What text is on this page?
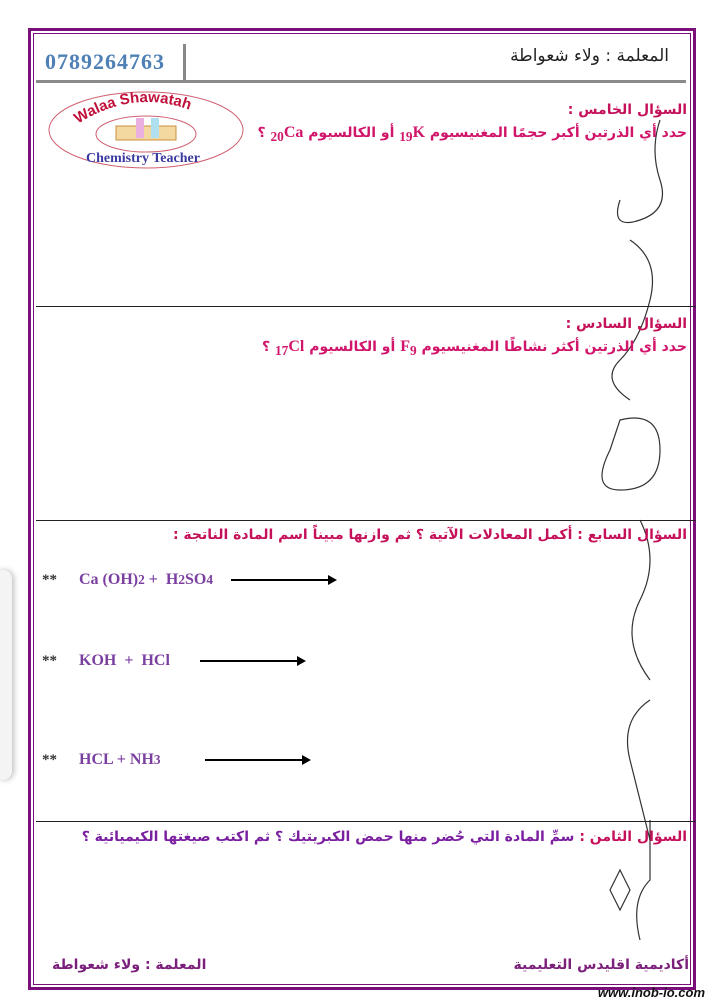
0789264763	المعلمة : ولاء شعواطة
Walaa Shawatah
Chemistry Teacher
السؤال الخامس :
حدد أي الذرتين أكبر حجمًا المغنيسيوم $_{19}$K أو الكالسيوم $_{20}$Ca ؟
السؤال السادس :
حدد أي الذرتين أكثر نشاطًا المغنيسيوم $F_9$ أو الكالسيوم $_{17}$Cl ؟
السؤال السابع : أكمل المعادلات الآتية ؟ ثم وازنها مبيناً اسم المادة الناتجة :
** Ca (OH) 2 +
H 2 SO 4
** KOH  +  HCl
** HCL + NH 3
السؤال الثامن : سمِّ المادة التي حُضر منها حمض الكبريتيك ؟ ثم اكتب صيغتها الكيميائية ؟
أكاديمية اقليدس التعليمية
المعلمة : ولاء شعواطة
www.inob-io.com
